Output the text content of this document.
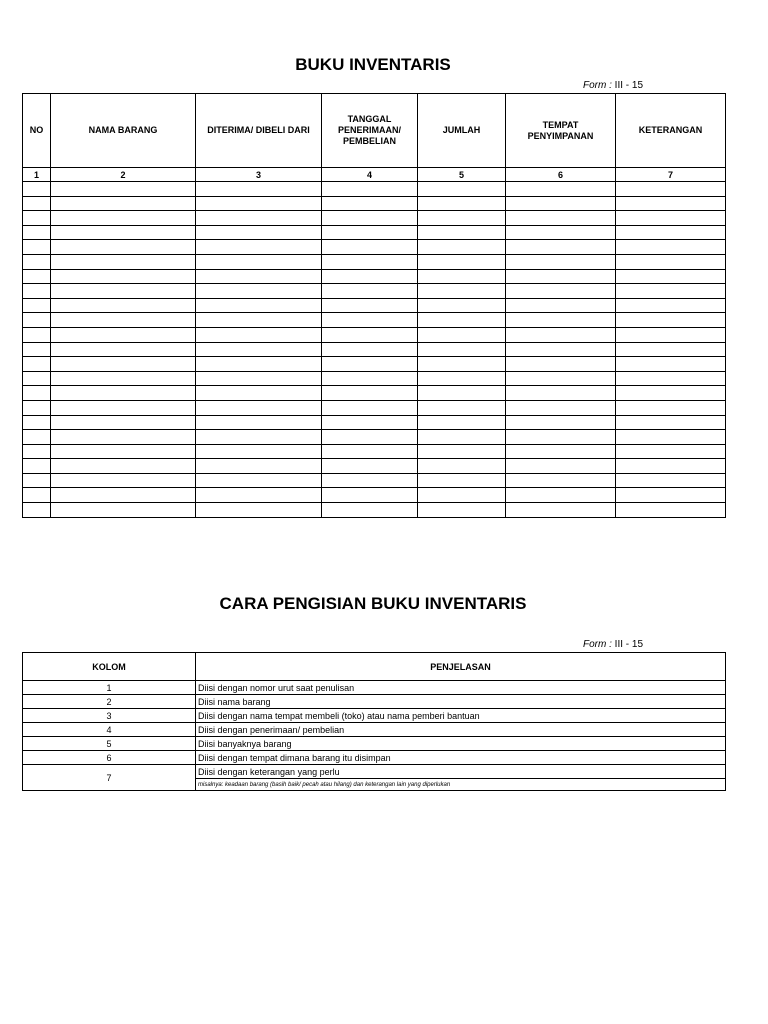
BUKU INVENTARIS
Form : III - 15
NO	NAMA BARANG	DITERIMA/ DIBELI DARI	TANGGAL PENERIMAAN/ PEMBELIAN	JUMLAH	TEMPAT PENYIMPANAN	KETERANGAN
1	2	3	4	5	6	7

CARA PENGISIAN BUKU INVENTARIS
Form : III - 15
KOLOM	PENJELASAN
1	Diisi dengan nomor urut saat penulisan
2	Diisi nama barang
3	Diisi dengan nama tempat membeli (toko) atau nama pemberi bantuan
4	Diisi dengan penerimaan/ pembelian
5	Diisi banyaknya barang
6	Diisi dengan tempat dimana barang itu disimpan
7	Diisi dengan keterangan yang perlu
	misalnya: keadaan barang (basih baik/ pecah atau hilang) dan keterangan lain yang diperlukan
